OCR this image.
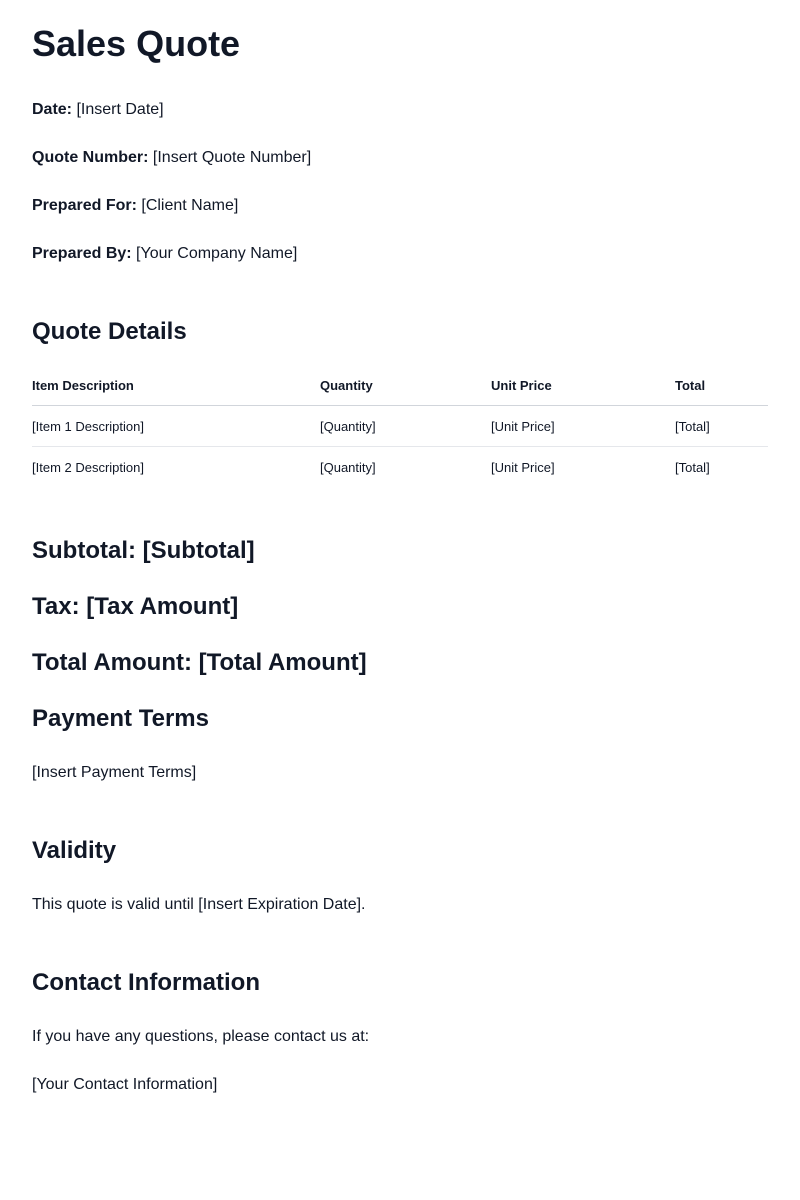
Sales Quote

Date: [Insert Date]

Quote Number: [Insert Quote Number]

Prepared For: [Client Name]

Prepared By: [Your Company Name]

Quote Details
Item Description	Quantity	Unit Price	Total
[Item 1 Description]	[Quantity]	[Unit Price]	[Total]
[Item 2 Description]	[Quantity]	[Unit Price]	[Total]
Subtotal: [Subtotal]
Tax: [Tax Amount]
Total Amount: [Total Amount]
Payment Terms

[Insert Payment Terms]

Validity

This quote is valid until [Insert Expiration Date].

Contact Information

If you have any questions, please contact us at:

[Your Contact Information]
